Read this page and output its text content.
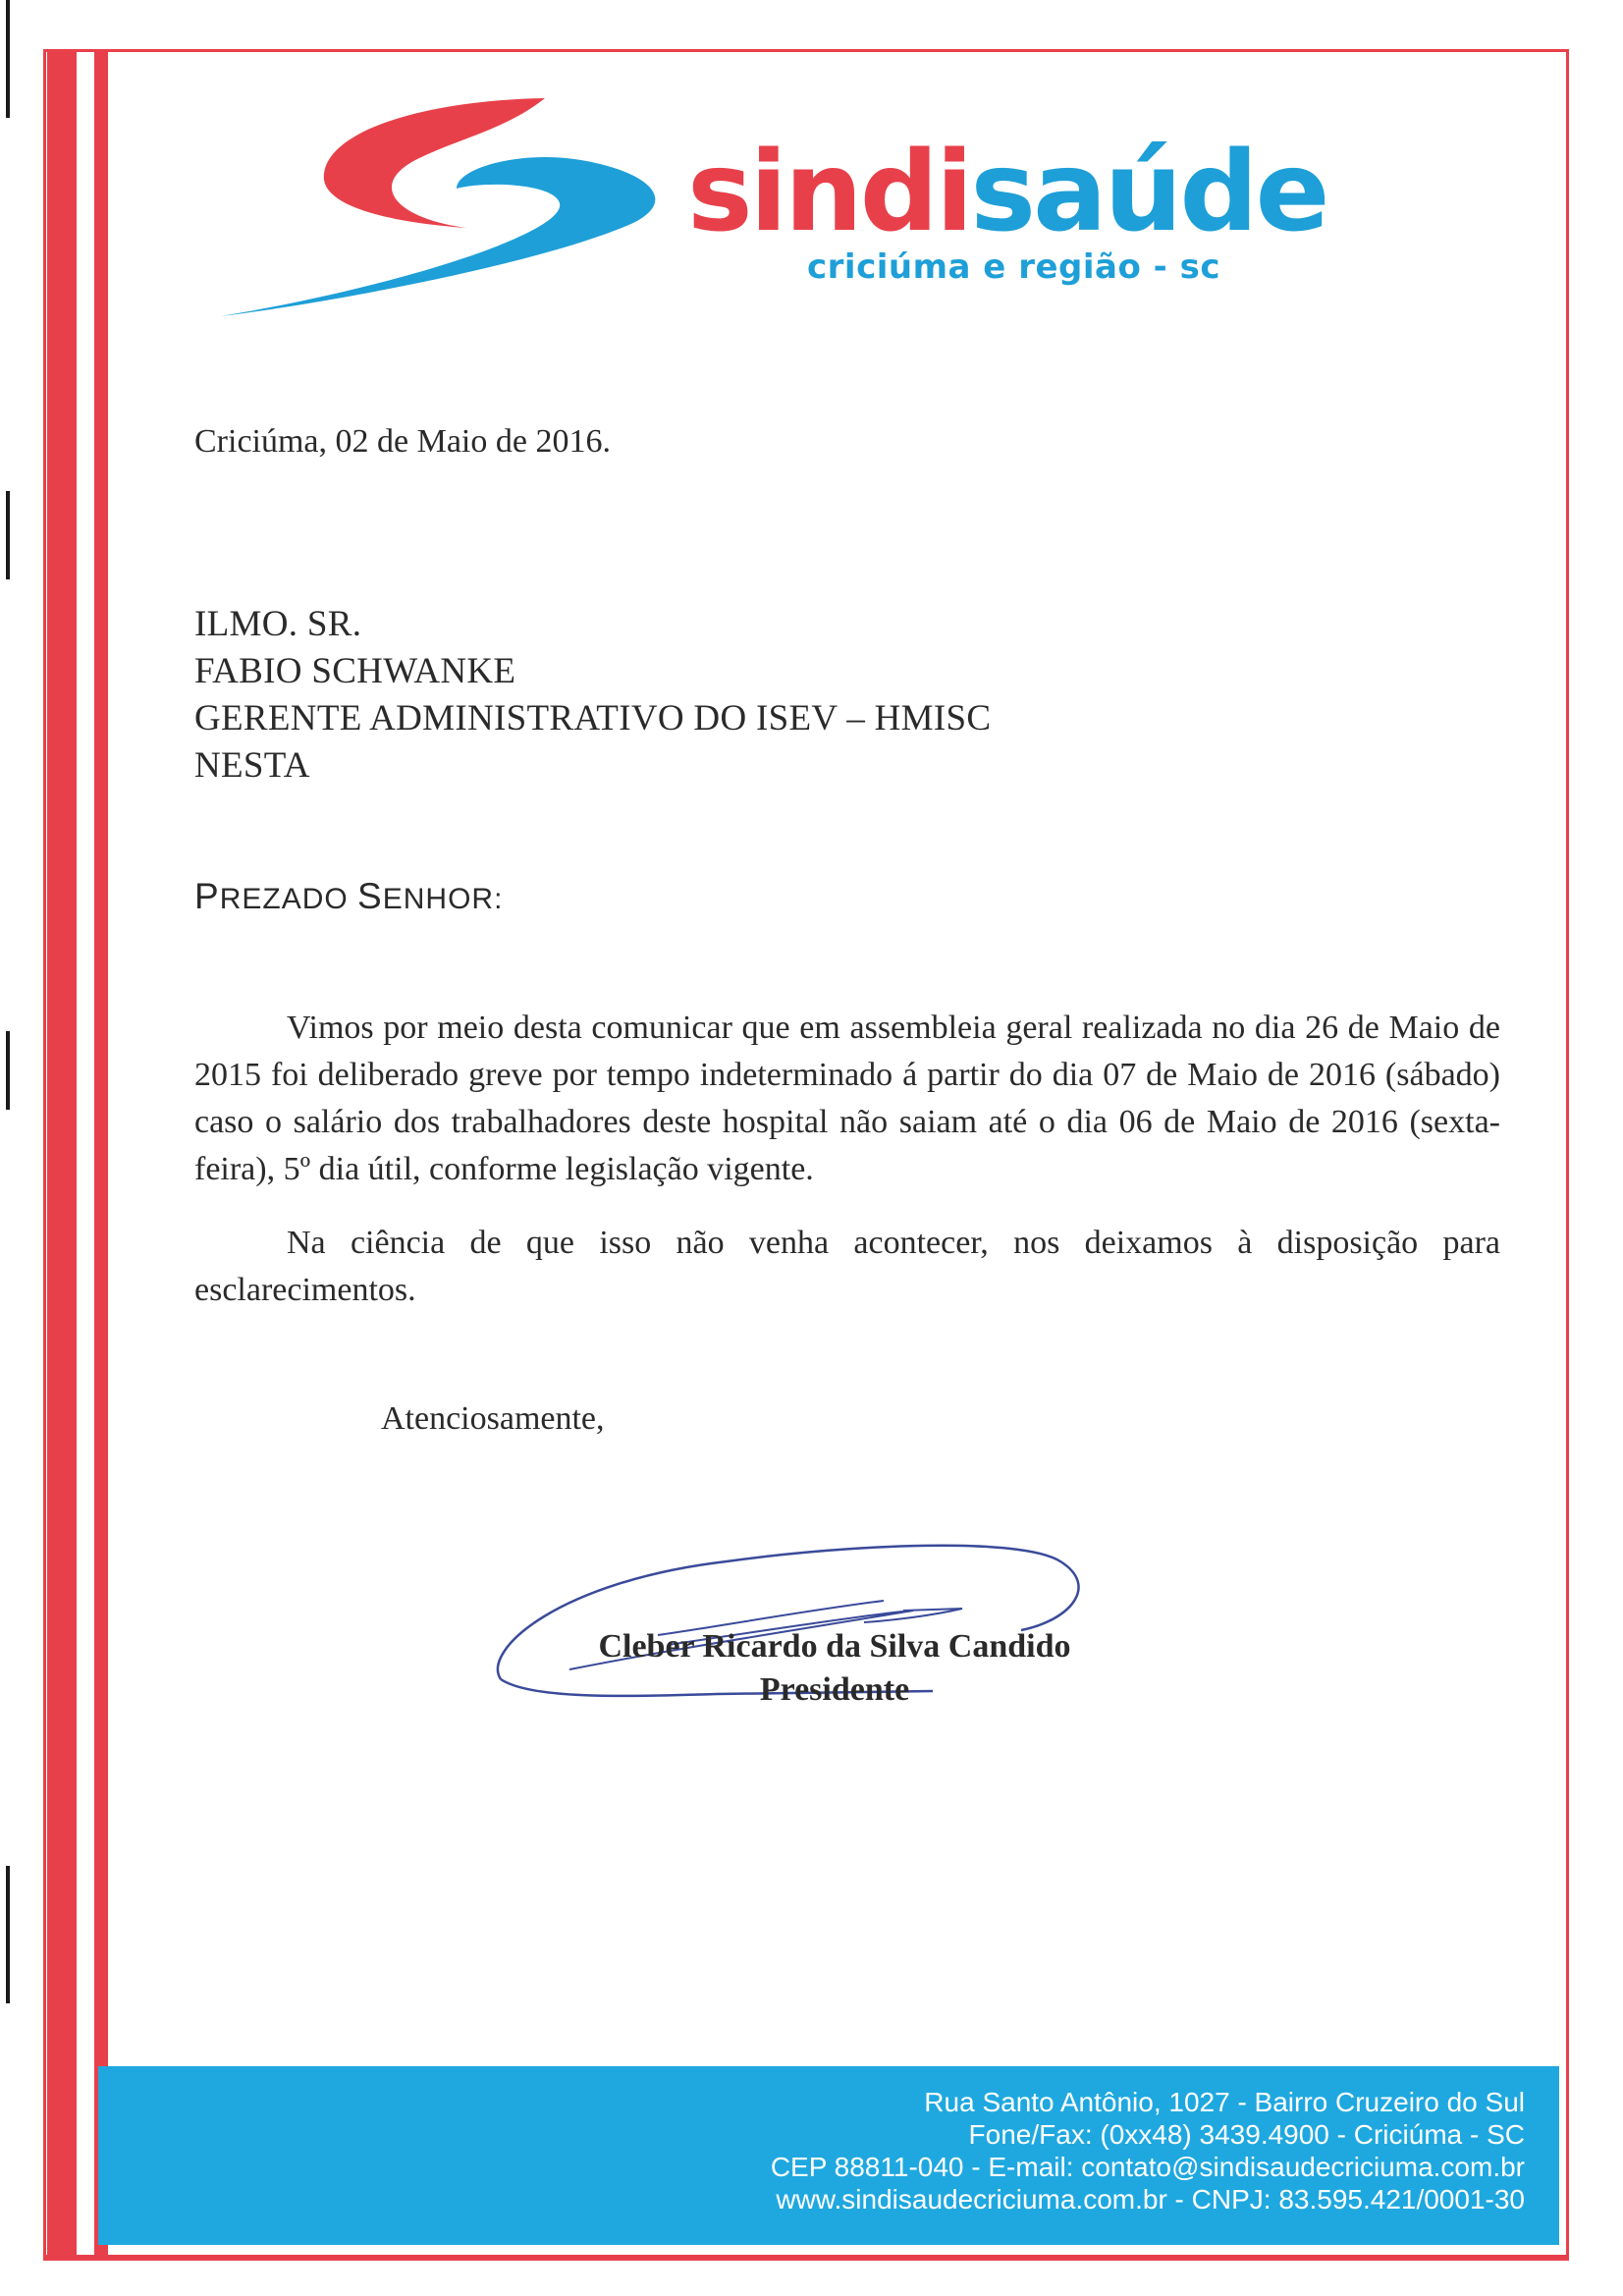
sindisaúde
criciúma e região - sc
Criciúma, 02 de Maio de 2016.
ILMO. SR.
FABIO SCHWANKE
GERENTE ADMINISTRATIVO DO ISEV – HMISC
NESTA
PREZADO SENHOR:
Vimos por meio desta comunicar que em assembleia geral realizada no dia 26 de Maio de 2015 foi deliberado greve por tempo indeterminado á partir do dia 07 de Maio de 2016 (sábado) caso o salário dos trabalhadores deste hospital não saiam até o dia 06 de Maio de 2016 (sexta-feira), 5º dia útil, conforme legislação vigente.
Na ciência de que isso não venha acontecer, nos deixamos à disposição para esclarecimentos.
Atenciosamente,
Cleber Ricardo da Silva Candido
Presidente
Rua Santo Antônio, 1027 - Bairro Cruzeiro do Sul
Fone/Fax: (0xx48) 3439.4900 - Criciúma - SC
CEP 88811-040 - E-mail: contato@sindisaudecriciuma.com.br
www.sindisaudecriciuma.com.br - CNPJ: 83.595.421/0001-30
